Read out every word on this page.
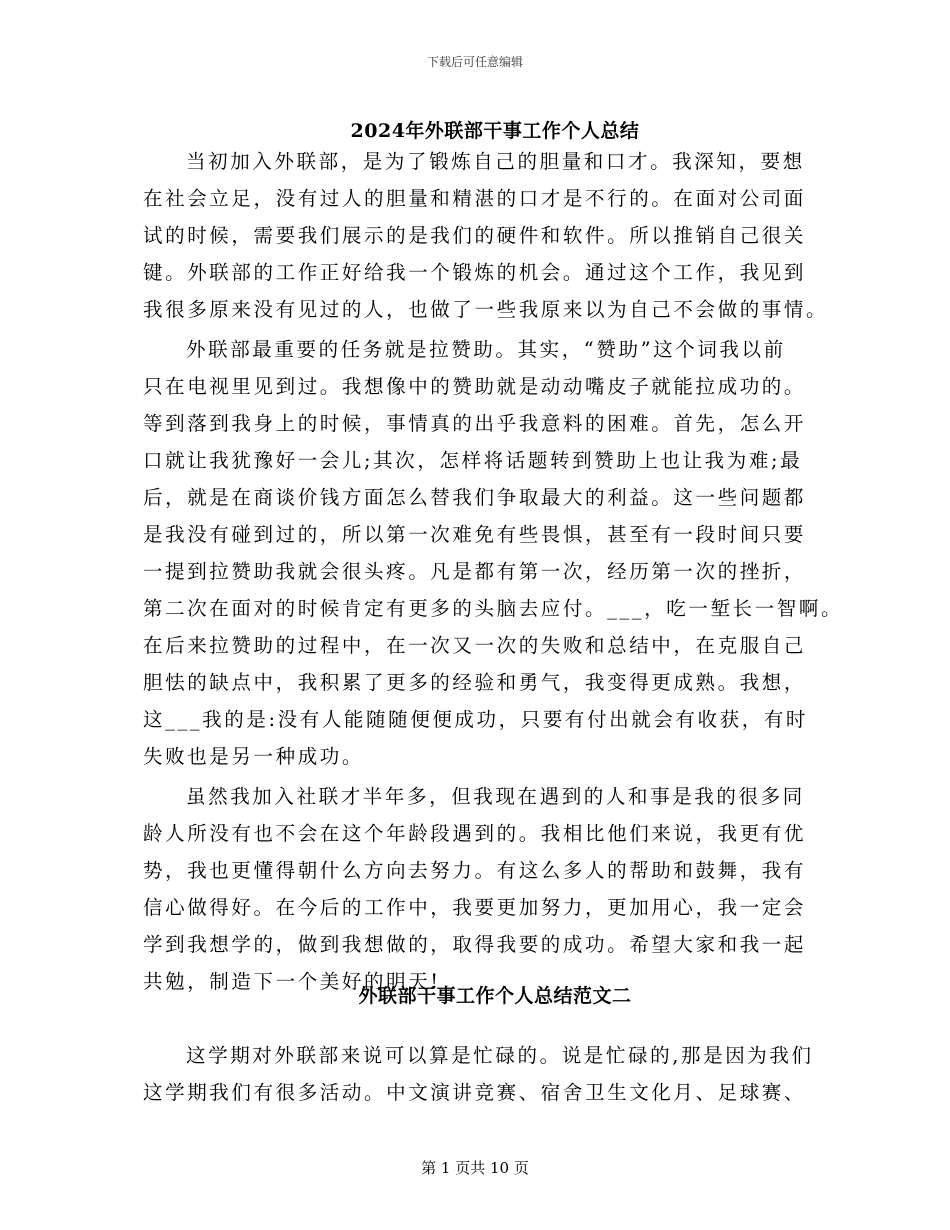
下载后可任意编辑
2024年外联部干事工作个人总结
当初加入外联部，是为了锻炼自己的胆量和口才。我深知，要想
在社会立足，没有过人的胆量和精湛的口才是不行的。在面对公司面
试的时候，需要我们展示的是我们的硬件和软件。所以推销自己很关
键。外联部的工作正好给我一个锻炼的机会。通过这个工作，我见到
我很多原来没有见过的人，也做了一些我原来以为自己不会做的事情。
外联部最重要的任务就是拉赞助。其实，“赞助”这个词我以前
只在电视里见到过。我想像中的赞助就是动动嘴皮子就能拉成功的。
等到落到我身上的时候，事情真的出乎我意料的困难。首先，怎么开
口就让我犹豫好一会儿;其次，怎样将话题转到赞助上也让我为难;最
后，就是在商谈价钱方面怎么替我们争取最大的利益。这一些问题都
是我没有碰到过的，所以第一次难免有些畏惧，甚至有一段时间只要
一提到拉赞助我就会很头疼。凡是都有第一次，经历第一次的挫折，
第二次在面对的时候肯定有更多的头脑去应付。___，吃一堑长一智啊。
在后来拉赞助的过程中，在一次又一次的失败和总结中，在克服自己
胆怯的缺点中，我积累了更多的经验和勇气，我变得更成熟。我想，
这___我的是:没有人能随随便便成功，只要有付出就会有收获，有时
失败也是另一种成功。
虽然我加入社联才半年多，但我现在遇到的人和事是我的很多同
龄人所没有也不会在这个年龄段遇到的。我相比他们来说，我更有优
势，我也更懂得朝什么方向去努力。有这么多人的帮助和鼓舞，我有
信心做得好。在今后的工作中，我要更加努力，更加用心，我一定会
学到我想学的，做到我想做的，取得我要的成功。希望大家和我一起
共勉，制造下一个美好的明天!
外联部干事工作个人总结范文二
这学期对外联部来说可以算是忙碌的。说是忙碌的,那是因为我们
这学期我们有很多活动。中文演讲竞赛、宿舍卫生文化月、足球赛、
第 1 页共 10 页
